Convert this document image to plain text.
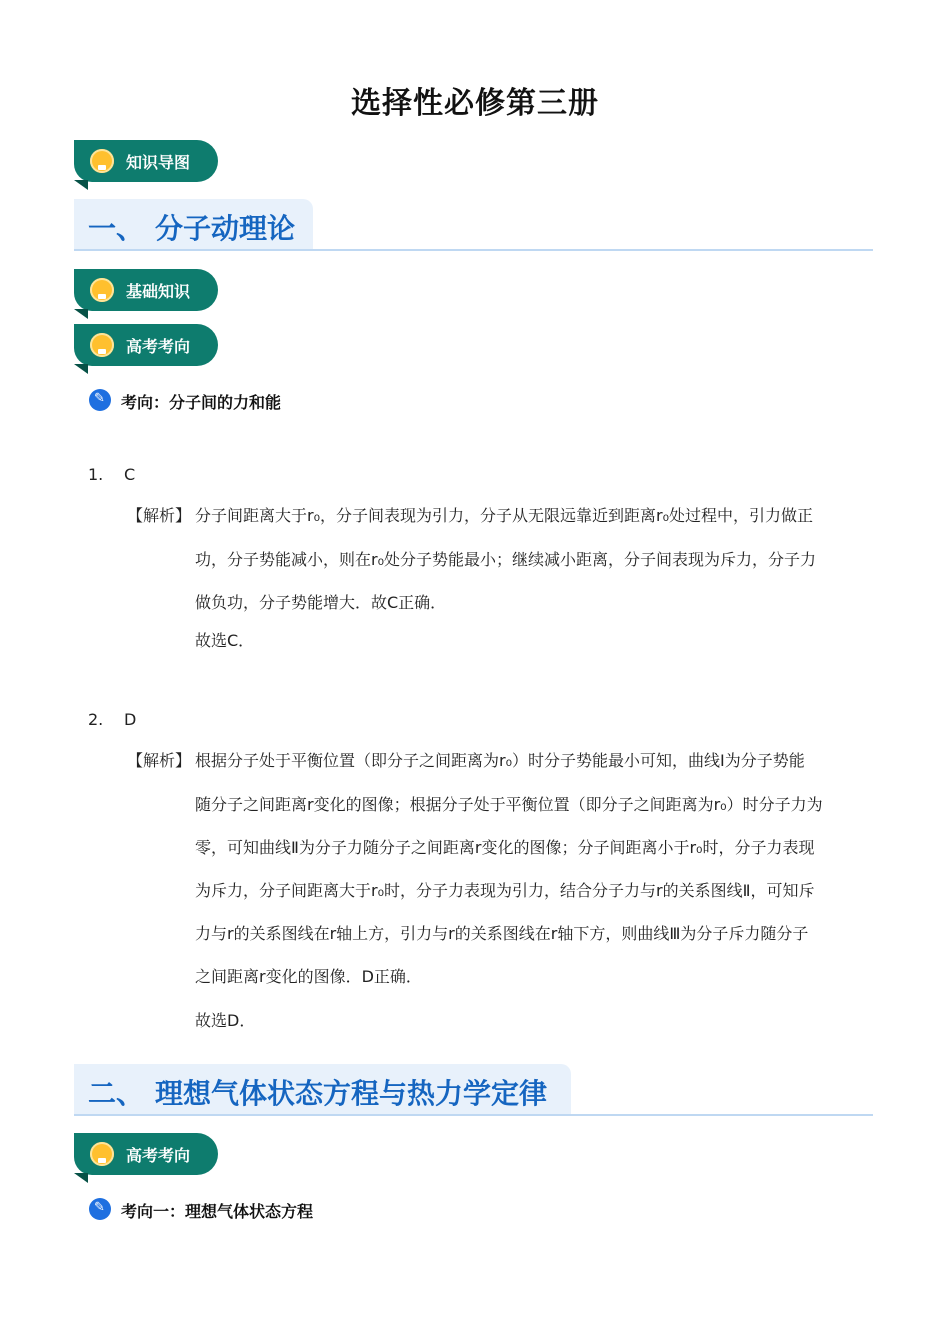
选择性必修第三册
知识导图
一、 分子动理论
基础知识
高考考向
✎ 考向：分子间的力和能
1. C
【解析】 分子间距离大于r₀，分子间表现为引力，分子从无限远靠近到距离r₀处过程中，引力做正
功，分子势能减小，则在r₀处分子势能最小；继续减小距离，分子间表现为斥力，分子力
做负功，分子势能增大．故C正确．
故选C．
2. D
【解析】 根据分子处于平衡位置（即分子之间距离为r₀）时分子势能最小可知，曲线Ⅰ为分子势能
随分子之间距离r变化的图像；根据分子处于平衡位置（即分子之间距离为r₀）时分子力为
零，可知曲线Ⅱ为分子力随分子之间距离r变化的图像；分子间距离小于r₀时，分子力表现
为斥力，分子间距离大于r₀时，分子力表现为引力，结合分子力与r的关系图线Ⅱ，可知斥
力与r的关系图线在r轴上方，引力与r的关系图线在r轴下方，则曲线Ⅲ为分子斥力随分子
之间距离r变化的图像．D正确．
故选D．
二、 理想气体状态方程与热力学定律
高考考向
✎ 考向一：理想气体状态方程
